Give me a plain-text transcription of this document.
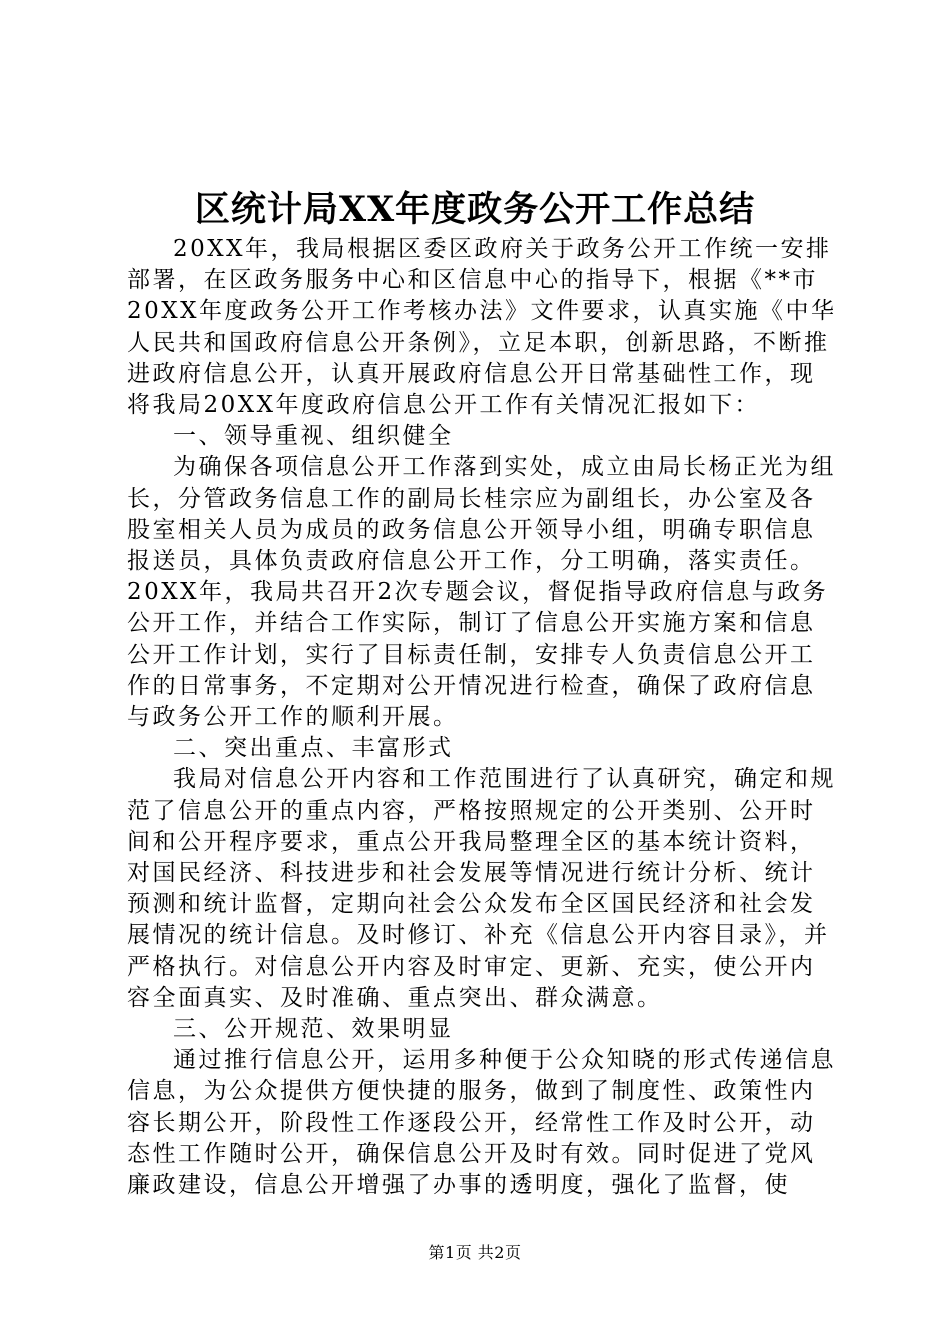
区统计局XX年度政务公开工作总结

20XX年，我局根据区委区政府关于政务公开工作统一安排部署，在区政务服务中心和区信息中心的指导下，根据《**市20XX年度政务公开工作考核办法》文件要求，认真实施《中华人民共和国政府信息公开条例》，立足本职，创新思路，不断推进政府信息公开，认真开展政府信息公开日常基础性工作，现将我局20XX年度政府信息公开工作有关情况汇报如下：

一、领导重视、组织健全

为确保各项信息公开工作落到实处，成立由局长杨正光为组长，分管政务信息工作的副局长桂宗应为副组长，办公室及各股室相关人员为成员的政务信息公开领导小组，明确专职信息报送员，具体负责政府信息公开工作，分工明确，落实责任。20XX年，我局共召开2次专题会议，督促指导政府信息与政务公开工作，并结合工作实际，制订了信息公开实施方案和信息公开工作计划，实行了目标责任制，安排专人负责信息公开工作的日常事务，不定期对公开情况进行检查，确保了政府信息与政务公开工作的顺利开展。

二、突出重点、丰富形式

我局对信息公开内容和工作范围进行了认真研究，确定和规范了信息公开的重点内容，严格按照规定的公开类别、公开时间和公开程序要求，重点公开我局整理全区的基本统计资料，对国民经济、科技进步和社会发展等情况进行统计分析、统计预测和统计监督，定期向社会公众发布全区国民经济和社会发展情况的统计信息。及时修订、补充《信息公开内容目录》，并严格执行。对信息公开内容及时审定、更新、充实，使公开内容全面真实、及时准确、重点突出、群众满意。

三、公开规范、效果明显

通过推行信息公开，运用多种便于公众知晓的形式传递信息信息，为公众提供方便快捷的服务，做到了制度性、政策性内容长期公开，阶段性工作逐段公开，经常性工作及时公开，动态性工作随时公开，确保信息公开及时有效。同时促进了党风廉政建设，信息公开增强了办事的透明度，强化了监督，使

第1页 共2页
